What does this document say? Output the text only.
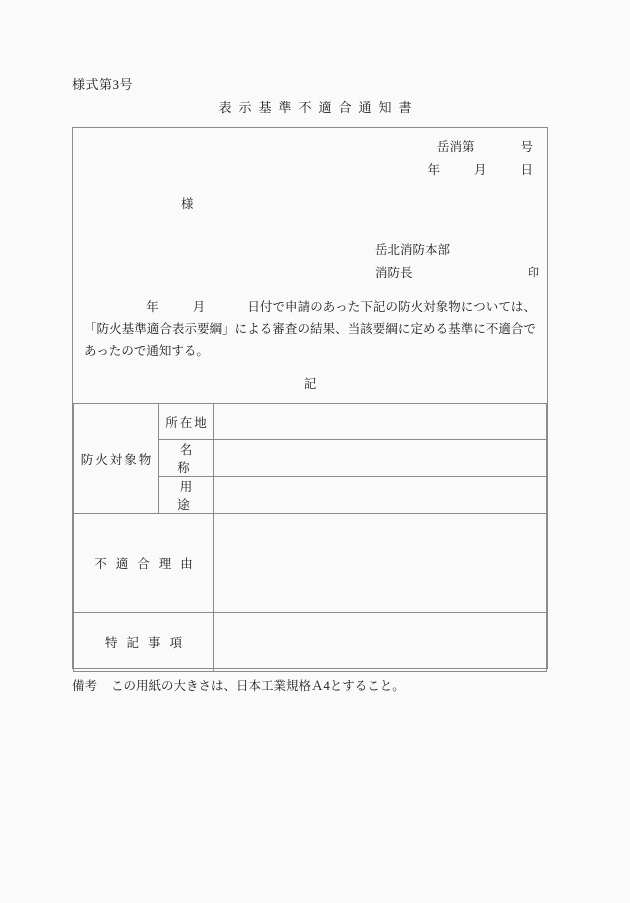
様式第3号
表示基準不適合通知書
岳消第	号
年	月	日
様
岳北消防本部
消防長	印
年	月	日付で申請のあった下記の防火対象物については、「防火基準適合表示要綱」による審査の結果、当該要綱に定める基準に不適合であったので通知する。
記
防火対象物	所在地	
	名　称	
	用　途	
不適合理由		
特記事項		
備考 この用紙の大きさは、日本工業規格Ａ4とすること。
